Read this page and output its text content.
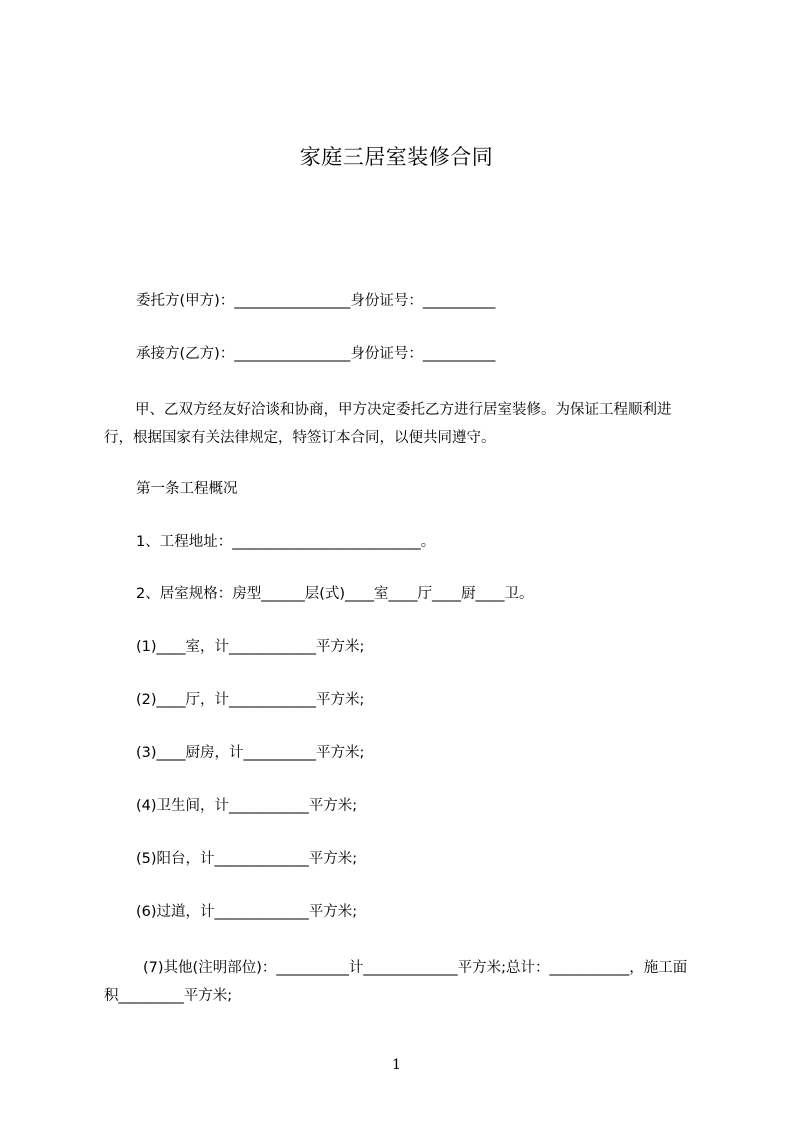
家庭三居室装修合同
委托方(甲方)：________________身份证号：__________
承接方(乙方)：________________身份证号：__________
甲、乙双方经友好洽谈和协商，甲方决定委托乙方进行居室装修。为保证工程顺利进行，根据国家有关法律规定，特签订本合同，以便共同遵守。
第一条工程概况
1、工程地址：__________________________。
2、居室规格：房型______层(式)____室____厅____厨____卫。
(1)____室，计____________平方米;
(2)____厅，计____________平方米;
(3)____厨房，计__________平方米;
(4)卫生间，计___________平方米;
(5)阳台，计_____________平方米;
(6)过道，计_____________平方米;
(7)其他(注明部位)：__________计_____________平方米;总计：___________，施工面积_________平方米;
1
